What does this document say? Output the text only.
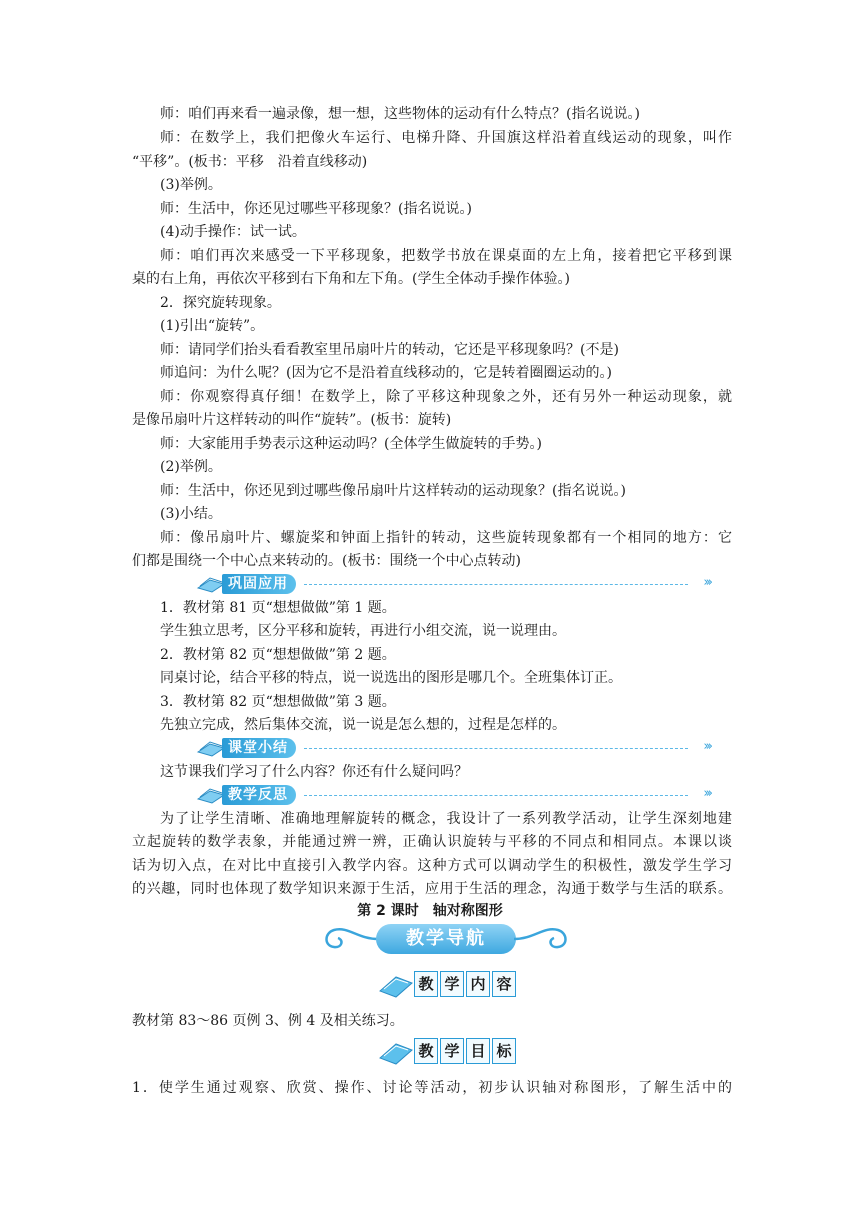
师：咱们再来看一遍录像，想一想，这些物体的运动有什么特点？(指名说说。)
师：在数学上，我们把像火车运行、电梯升降、升国旗这样沿着直线运动的现象，叫作
“平移”。(板书：平移　沿着直线移动)
(3)举例。
师：生活中，你还见过哪些平移现象？(指名说说。)
(4)动手操作：试一试。
师：咱们再次来感受一下平移现象，把数学书放在课桌面的左上角，接着把它平移到课
桌的右上角，再依次平移到右下角和左下角。(学生全体动手操作体验。)
2．探究旋转现象。
(1)引出“旋转”。
师：请同学们抬头看看教室里吊扇叶片的转动，它还是平移现象吗？(不是)
师追问：为什么呢？(因为它不是沿着直线移动的，它是转着圈圈运动的。)
师：你观察得真仔细！在数学上，除了平移这种现象之外，还有另外一种运动现象，就
是像吊扇叶片这样转动的叫作“旋转”。(板书：旋转)
师：大家能用手势表示这种运动吗？(全体学生做旋转的手势。)
(2)举例。
师：生活中，你还见到过哪些像吊扇叶片这样转动的运动现象？(指名说说。)
(3)小结。
师：像吊扇叶片、螺旋桨和钟面上指针的转动，这些旋转现象都有一个相同的地方：它
们都是围绕一个中心点来转动的。(板书：围绕一个中心点转动)
1．教材第 81 页“想想做做”第 1 题。
学生独立思考，区分平移和旋转，再进行小组交流，说一说理由。
2．教材第 82 页“想想做做”第 2 题。
同桌讨论，结合平移的特点，说一说选出的图形是哪几个。全班集体订正。
3．教材第 82 页“想想做做”第 3 题。
先独立完成，然后集体交流，说一说是怎么想的，过程是怎样的。
这节课我们学习了什么内容？你还有什么疑问吗？
为了让学生清晰、准确地理解旋转的概念，我设计了一系列教学活动，让学生深刻地建
立起旋转的数学表象，并能通过辨一辨，正确认识旋转与平移的不同点和相同点。本课以谈
话为切入点，在对比中直接引入教学内容。这种方式可以调动学生的积极性，激发学生学习
的兴趣，同时也体现了数学知识来源于生活，应用于生活的理念，沟通于数学与生活的联系。
教材第 83～86 页例 3、例 4 及相关练习。
1．使学生通过观察、欣赏、操作、讨论等活动，初步认识轴对称图形，了解生活中的
巩固应用	›››
课堂小结	›››
教学反思	›››
第 2 课时　轴对称图形
教学导航
教 学 内 容
教 学 目 标
